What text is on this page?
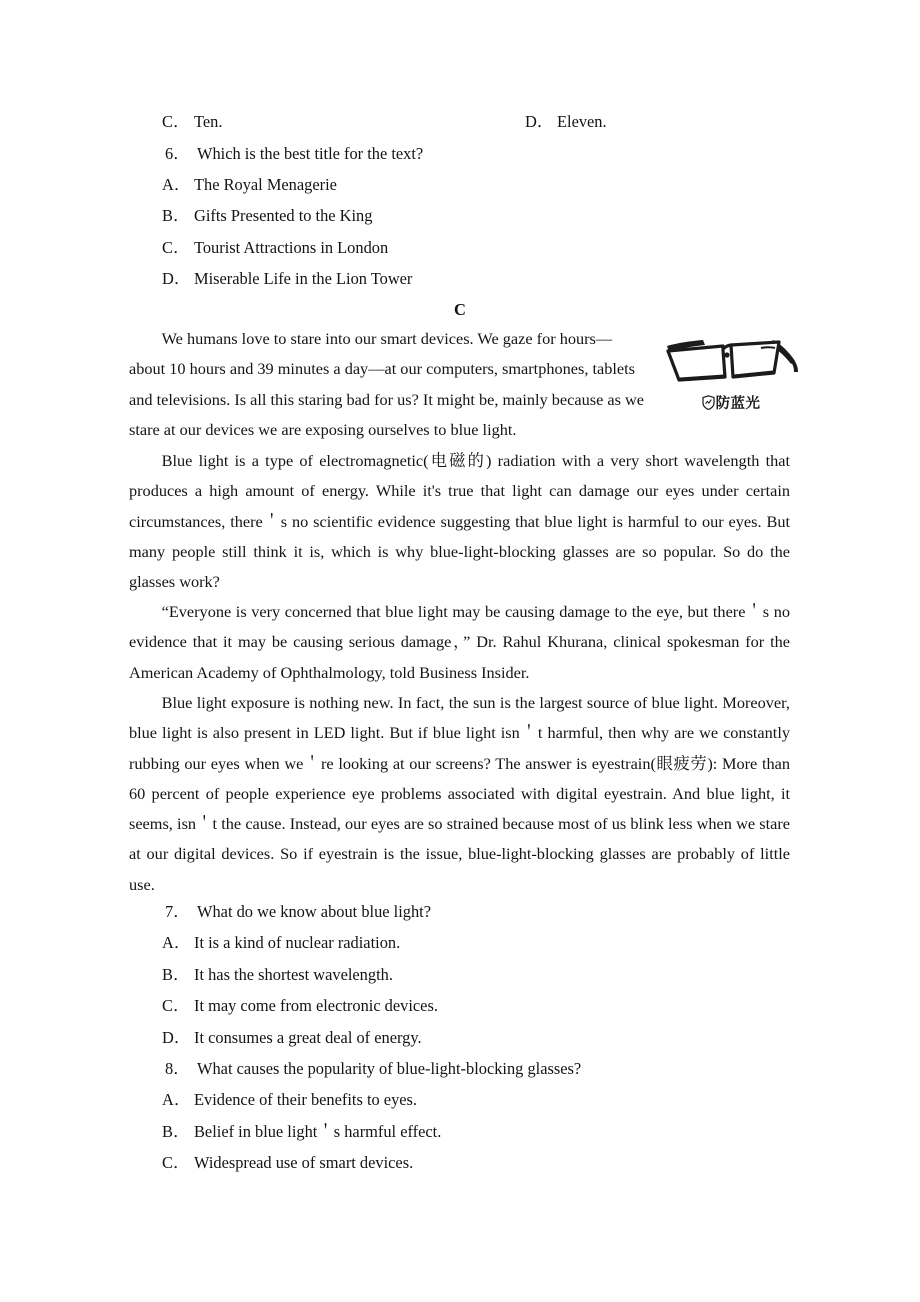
C． Ten.	D． Eleven.
6． Which is the best title for the text?
A． The Royal Menagerie
B． Gifts Presented to the King
C． Tourist Attractions in London
D． Miserable Life in the Lion Tower
C
防蓝光

We humans love to stare into our smart devices. We gaze for hours—about 10 hours and 39 minutes a day—at our computers, smartphones, tablets and televisions. Is all this staring bad for us? It might be, mainly because as we stare at our devices we are exposing ourselves to blue light.

Blue light is a type of electromagnetic(电磁的) radiation with a very short wavelength that produces a high amount of energy. While it's true that light can damage our eyes under certain circumstances, there＇s no scientific evidence suggesting that blue light is harmful to our eyes. But many people still think it is, which is why blue‐light‐blocking glasses are so popular. So do the glasses work?

“Everyone is very concerned that blue light may be causing damage to the eye, but there＇s no evidence that it may be causing serious damage，” Dr. Rahul Khurana, clinical spokesman for the American Academy of Ophthalmology, told Business Insider.

Blue light exposure is nothing new. In fact, the sun is the largest source of blue light. Moreover, blue light is also present in LED light. But if blue light isn＇t harmful, then why are we constantly rubbing our eyes when we＇re looking at our screens? The answer is eyestrain(眼疲劳): More than 60 percent of people experience eye problems associated with digital eyestrain. And blue light, it seems, isn＇t the cause. Instead, our eyes are so strained because most of us blink less when we stare at our digital devices. So if eyestrain is the issue, blue‐light‐blocking glasses are probably of little use.

7． What do we know about blue light?
A． It is a kind of nuclear radiation.
B． It has the shortest wavelength.
C． It may come from electronic devices.
D． It consumes a great deal of energy.
8． What causes the popularity of blue-light-blocking glasses?
A． Evidence of their benefits to eyes.
B． Belief in blue light＇s harmful effect.
C． Widespread use of smart devices.
